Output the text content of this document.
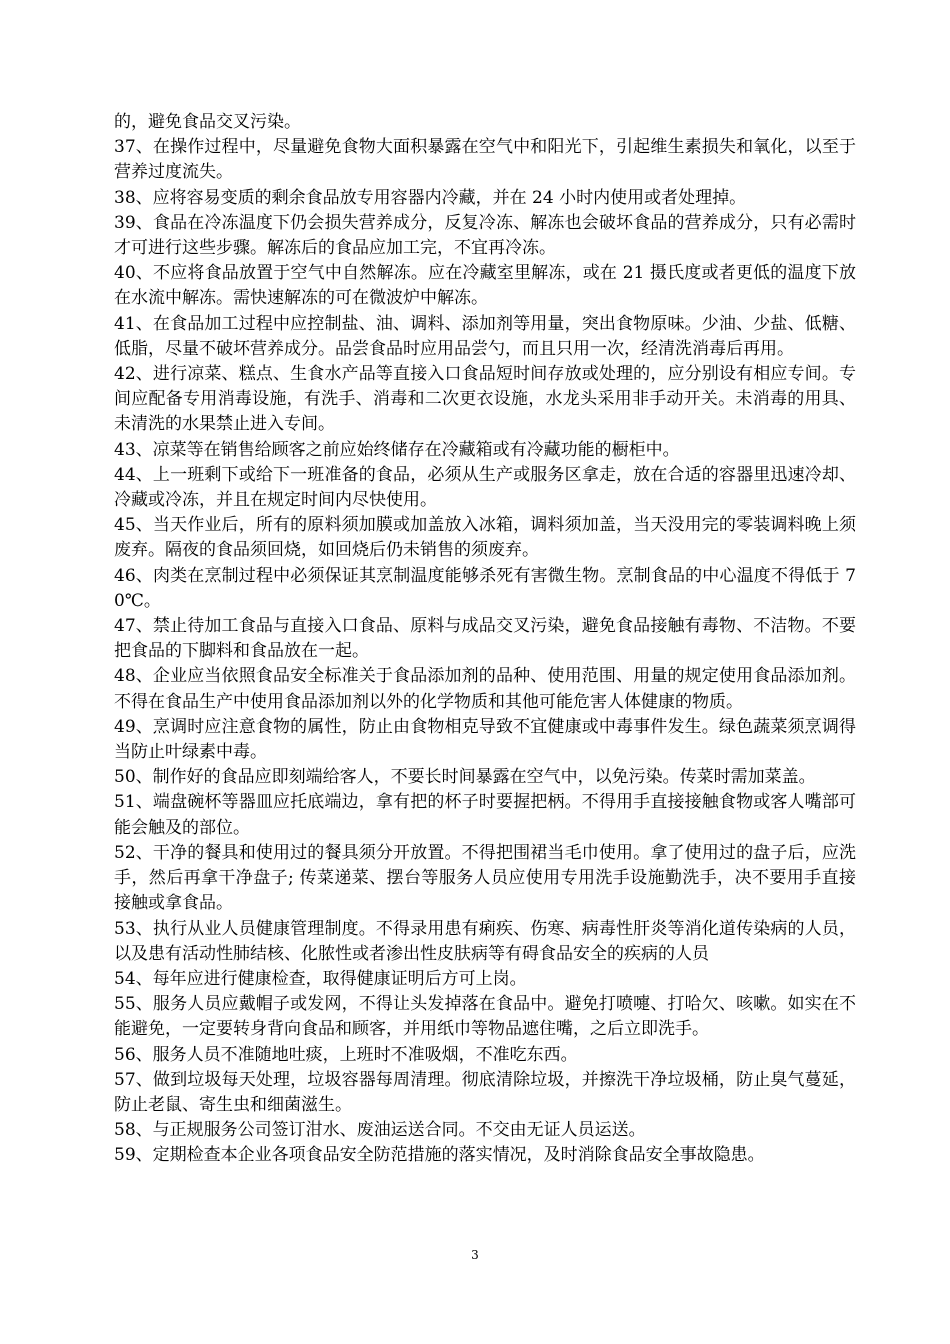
的，避免食品交叉污染。

37、在操作过程中，尽量避免食物大面积暴露在空气中和阳光下，引起维生素损失和氧化，以至于营养过度流失。

38、应将容易变质的剩余食品放专用容器内冷藏，并在 24 小时内使用或者处理掉。

39、食品在冷冻温度下仍会损失营养成分，反复冷冻、解冻也会破坏食品的营养成分，只有必需时才可进行这些步骤。解冻后的食品应加工完，不宜再冷冻。

40、不应将食品放置于空气中自然解冻。应在冷藏室里解冻，或在 21 摄氏度或者更低的温度下放在水流中解冻。需快速解冻的可在微波炉中解冻。

41、在食品加工过程中应控制盐、油、调料、添加剂等用量，突出食物原味。少油、少盐、低糖、低脂，尽量不破坏营养成分。品尝食品时应用品尝勺，而且只用一次，经清洗消毒后再用。

42、进行凉菜、糕点、生食水产品等直接入口食品短时间存放或处理的，应分别设有相应专间。专间应配备专用消毒设施，有洗手、消毒和二次更衣设施，水龙头采用非手动开关。未消毒的用具、未清洗的水果禁止进入专间。

43、凉菜等在销售给顾客之前应始终储存在冷藏箱或有冷藏功能的橱柜中。

44、上一班剩下或给下一班准备的食品，必须从生产或服务区拿走，放在合适的容器里迅速冷却、冷藏或冷冻，并且在规定时间内尽快使用。

45、当天作业后，所有的原料须加膜或加盖放入冰箱，调料须加盖，当天没用完的零装调料晚上须废弃。隔夜的食品须回烧，如回烧后仍未销售的须废弃。

46、肉类在烹制过程中必须保证其烹制温度能够杀死有害微生物。烹制食品的中心温度不得低于 70℃。

47、禁止待加工食品与直接入口食品、原料与成品交叉污染，避免食品接触有毒物、不洁物。不要把食品的下脚料和食品放在一起。

48、企业应当依照食品安全标准关于食品添加剂的品种、使用范围、用量的规定使用食品添加剂。不得在食品生产中使用食品添加剂以外的化学物质和其他可能危害人体健康的物质。

49、烹调时应注意食物的属性，防止由食物相克导致不宜健康或中毒事件发生。绿色蔬菜须烹调得当防止叶绿素中毒。

50、制作好的食品应即刻端给客人，不要长时间暴露在空气中，以免污染。传菜时需加菜盖。

51、端盘碗杯等器皿应托底端边，拿有把的杯子时要握把柄。不得用手直接接触食物或客人嘴部可能会触及的部位。

52、干净的餐具和使用过的餐具须分开放置。不得把围裙当毛巾使用。拿了使用过的盘子后，应洗手，然后再拿干净盘子; 传菜递菜、摆台等服务人员应使用专用洗手设施勤洗手，决不要用手直接接触或拿食品。

53、执行从业人员健康管理制度。不得录用患有痢疾、伤寒、病毒性肝炎等消化道传染病的人员，以及患有活动性肺结核、化脓性或者渗出性皮肤病等有碍食品安全的疾病的人员

54、每年应进行健康检查，取得健康证明后方可上岗。

55、服务人员应戴帽子或发网，不得让头发掉落在食品中。避免打喷嚏、打哈欠、咳嗽。如实在不能避免，一定要转身背向食品和顾客，并用纸巾等物品遮住嘴，之后立即洗手。

56、服务人员不准随地吐痰，上班时不准吸烟，不准吃东西。

57、做到垃圾每天处理，垃圾容器每周清理。彻底清除垃圾，并擦洗干净垃圾桶，防止臭气蔓延，防止老鼠、寄生虫和细菌滋生。

58、与正规服务公司签订泔水、废油运送合同。不交由无证人员运送。

59、定期检查本企业各项食品安全防范措施的落实情况，及时消除食品安全事故隐患。

3
